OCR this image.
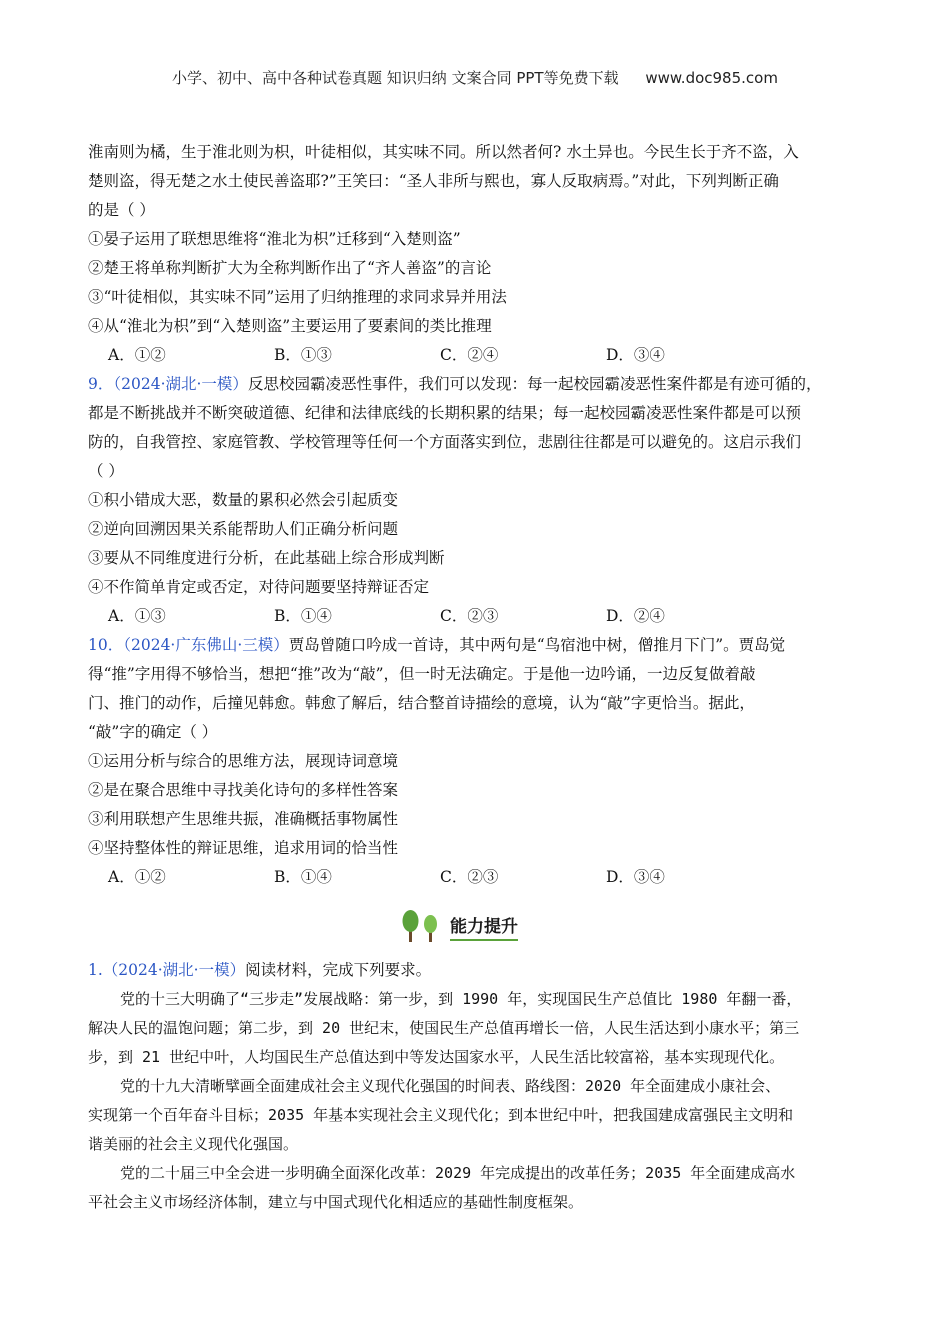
小学、初中、高中各种试卷真题 知识归纳 文案合同 PPT等免费下载 www.doc985.com
淮南则为橘，生于淮北则为枳，叶徒相似，其实味不同。所以然者何? 水土异也。今民生长于齐不盗，入
楚则盗，得无楚之水土使民善盗耶?”王笑曰：“圣人非所与熙也，寡人反取病焉。”对此，下列判断正确
的是（ ）
①晏子运用了联想思维将“淮北为枳”迁移到“入楚则盗”
②楚王将单称判断扩大为全称判断作出了“齐人善盗”的言论
③“叶徒相似，其实味不同”运用了归纳推理的求同求异并用法
④从“淮北为枳”到“入楚则盗”主要运用了要素间的类比推理
A．①②	B．①③	C．②④	D．③④
9．（2024·湖北·一模）反思校园霸凌恶性事件，我们可以发现：每一起校园霸凌恶性案件都是有迹可循的，
都是不断挑战并不断突破道德、纪律和法律底线的长期积累的结果；每一起校园霸凌恶性案件都是可以预
防的，自我管控、家庭管教、学校管理等任何一个方面落实到位，悲剧往往都是可以避免的。这启示我们
（ ）
①积小错成大恶，数量的累积必然会引起质变
②逆向回溯因果关系能帮助人们正确分析问题
③要从不同维度进行分析，在此基础上综合形成判断
④不作简单肯定或否定，对待问题要坚持辩证否定
A．①③	B．①④	C．②③	D．②④
10．（2024·广东佛山·三模）贾岛曾随口吟成一首诗，其中两句是“鸟宿池中树，僧推月下门”。贾岛觉
得“推”字用得不够恰当，想把“推”改为“敲”，但一时无法确定。于是他一边吟诵，一边反复做着敲
门、推门的动作，后撞见韩愈。韩愈了解后，结合整首诗描绘的意境，认为“敲”字更恰当。据此，
“敲”字的确定（ ）
①运用分析与综合的思维方法，展现诗词意境
②是在聚合思维中寻找美化诗句的多样性答案
③利用联想产生思维共振，准确概括事物属性
④坚持整体性的辩证思维，追求用词的恰当性
A．①②	B．①④	C．②③	D．③④
能力提升
1.（2024·湖北·一模）阅读材料，完成下列要求。
党的十三大明确了“三步走”发展战略：第一步，到 1990 年，实现国民生产总值比 1980 年翻一番，
解决人民的温饱问题；第二步，到 20 世纪末，使国民生产总值再增长一倍，人民生活达到小康水平；第三
步，到 21 世纪中叶，人均国民生产总值达到中等发达国家水平，人民生活比较富裕，基本实现现代化。
党的十九大清晰擘画全面建成社会主义现代化强国的时间表、路线图：2020 年全面建成小康社会、
实现第一个百年奋斗目标；2035 年基本实现社会主义现代化；到本世纪中叶，把我国建成富强民主文明和
谐美丽的社会主义现代化强国。
党的二十届三中全会进一步明确全面深化改革：2029 年完成提出的改革任务；2035 年全面建成高水
平社会主义市场经济体制，建立与中国式现代化相适应的基础性制度框架。
